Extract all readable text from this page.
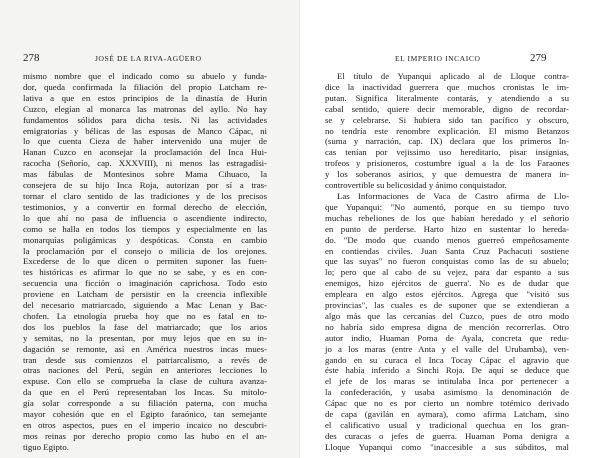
278	JOSÉ DE LA RIVA-AGÜERO
mismo nombre que el indicado como su abuelo y funda-
dor, queda confirmada la filiación del propio Latcham re-
lativa a que en estos principios de la dinastía de Hurin
Cuzco, elegían al monarca las matronas del ayllo. No hay
fundamentos sólidos para dicha tesis. Ni las actividades
emigratorias y bélicas de las esposas de Manco Cápac, ni
lo que cuenta Cieza de haber intervenido una mujer de
Hanan Cuzco en aconsejar la proclamación del Inca Hui-
racocha (Señorío, cap. XXXVIII), ni menos las estragadísi-
mas fábulas de Montesinos sobre Mama Cihuaco, la
consejera de su hijo Inca Roja, autorizan por sí a tras-
tornar el claro sentido de las tradiciones y de los precisos
testimonios, y a convertir en formal derecho de elección,
lo que ahí no pasa de influencia o ascendiente indirecto,
como se halla en todos los tiempos y especialmente en las
monarquías poligámicas y despóticas. Consta en cambio
la proclamación por el consejo o milicia de los orejones.
Excederse de lo que dicen o permiten suponer las fuen-
tes históricas es afirmar lo que no se sabe, y es en con-
secuencia una ficción o imaginación caprichosa. Todo esto
proviene en Latcham de persistir en la creencia inflexible
del necesario matriarcado, siguiendo a Mac Lenan y Bac-
chofen. La etnología prueba hoy que no es fatal en to-
dos los pueblos la fase del matriarcado; que los arios
y semitas, no la presentan, por muy lejos que en su in-
dagación se remonte, así en América nuestros incas mues-
tran desde sus comienzos el patriarcalismo, a revés de
otras naciones del Perú, según en anteriores lecciones lo
expuse. Con ello se comprueba la clase de cultura avanza-
da que en el Perú representaban los Incas. Su mitolo-
gía solar corresponde a su filiación paterna, con mucha
mayor cohesión que en el Egipto faraónico, tan semejante
en otros aspectos, pues en el imperio incaico no descubri-
mos reinas por derecho propio como las hubo en el an-
tiguo Egipto.
EL IMPERIO INCAICO	279
El título de Yupanqui aplicado al de Lloque contra-
dice la inactividad guerrera que muchos cronistas le im-
putan. Significa literalmente contarás, y atendiendo a su
cabal sentido, quiere decir memorable, digno de recordar-
se y celebrarse. Si hubiera sido tan pacífico y obscuro,
no tendría este renombre explicación. El mismo Betanzos
(suma y narración, cap. IX) declara que los primeros In-
cas tenían por vejissimo uso hereditario, pisar insignias,
trofeos y prisioneros, costumbre igual a la de los Faraones
y los soberanos asirios, y que demuestra de manera in-
controvertible su belicosidad y ánimo conquistador.
Las Informaciones de Vaca de Castro afirma de Llo-
que Yupanqui: "No aumentó, porque en su tiempo tuvo
muchas rebeliones de los que habían heredado y el señorío
en punto de perderse. Harto hizo en sustentar lo hereda-
do. "De modo que cuando menos guerreó empeñosamente
en contiendas civiles. Juan Santa Cruz Pachacuti sostiene
que las suyas" no fueron conquistas como las de su abuelo;
lo; pero que al cabo de su vejez, para dar espanto a sus
enemigos, hizo ejércitos de guerra'. No es de dudar que
empleara en algo estos ejércitos. Agrega que "visitó sus
provincias", las cuales es de suponer que se extendieran a
algo más que las cercanías del Cuzco, pues de otro modo
no habría sido empresa digna de mención recorrerlas. Otro
autor indio, Huaman Poma de Ayala, concreta que redu-
jo a los maras (entre Anta y el valle del Urubamba), ven-
gando en su curaca el Inca Tocay Cápac el agravio que
éste había inferido a Sinchi Roja. De aquí se deduce que
el jefe de los maras se intitulaba Inca por pertenecer a
la confederación, y usaba asimismo la denominación de
Cápac que no es por cierto un nombre totémico derivado
de capa (gavilán en aymara), como afirma Latcham, sino
el calificativo usual y tradicional quechua en los gran-
des curacas o jefes de guerra. Huaman Poma denigra a
Lloque Yupanqui como "inaccesible a sus súbditos, mal
